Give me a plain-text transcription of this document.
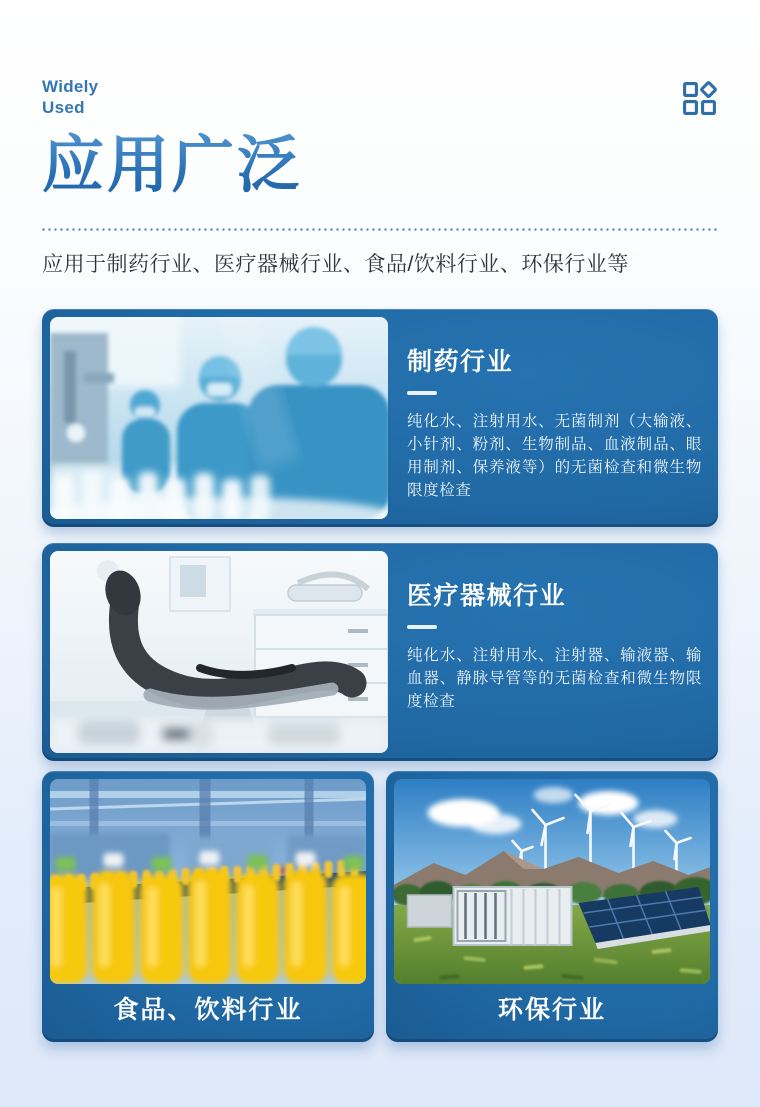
Widely
Used
应用广泛

应用于制药行业、医疗器械行业、食品/饮料行业、环保行业等

制药行业

纯化水、注射用水、无菌制剂（大输液、小针剂、粉剂、生物制品、血液制品、眼用制剂、保养液等）的无菌检查和微生物限度检查

医疗器械行业

纯化水、注射用水、注射器、输液器、输血器、静脉导管等的无菌检查和微生物限度检查

食品、饮料行业	环保行业
